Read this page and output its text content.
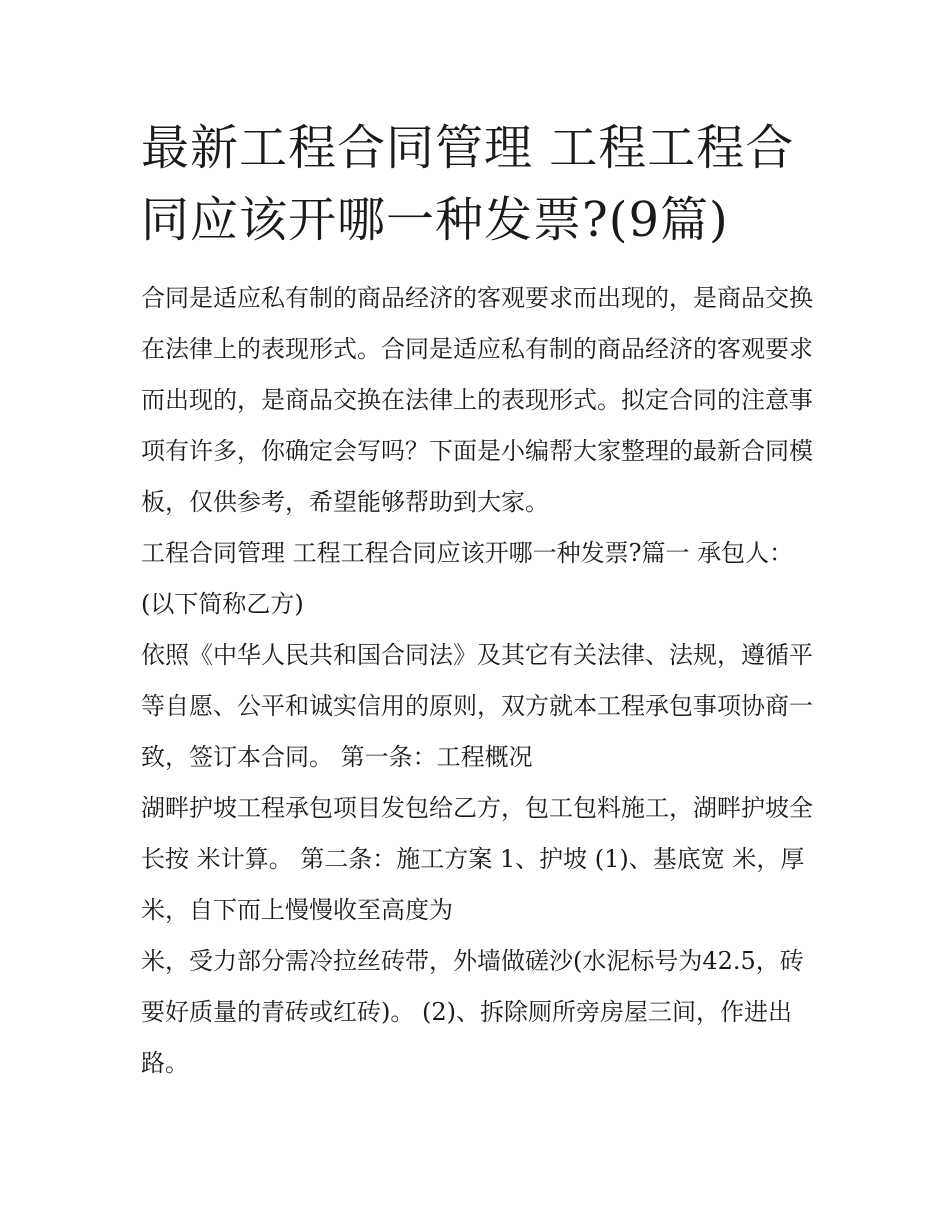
最新工程合同管理 工程工程合同应该开哪一种发票?(9篇)

合同是适应私有制的商品经济的客观要求而出现的，是商品交换在法律上的表现形式。合同是适应私有制的商品经济的客观要求而出现的，是商品交换在法律上的表现形式。拟定合同的注意事项有许多，你确定会写吗？下面是小编帮大家整理的最新合同模板，仅供参考，希望能够帮助到大家。

工程合同管理 工程工程合同应该开哪一种发票?篇一 承包人：(以下简称乙方)

依照《中华人民共和国合同法》及其它有关法律、法规，遵循平等自愿、公平和诚实信用的原则，双方就本工程承包事项协商一致，签订本合同。 第一条：工程概况

湖畔护坡工程承包项目发包给乙方，包工包料施工，湖畔护坡全长按 米计算。 第二条：施工方案 1、护坡 (1)、基底宽 米，厚 米，自下而上慢慢收至高度为

米，受力部分需冷拉丝砖带，外墙做磋沙(水泥标号为42.5，砖要好质量的青砖或红砖)。 (2)、拆除厕所旁房屋三间，作进出路。
